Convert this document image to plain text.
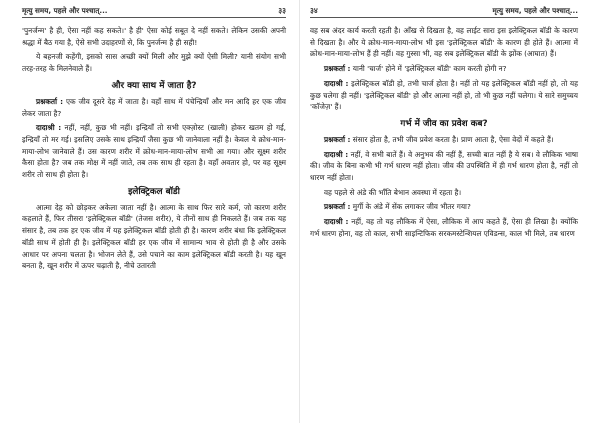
मृत्यु समय, पहले और पश्चात्...	३३

'पुनर्जन्म' है ही, ऐसा नहीं कह सकते।' है ही' ऐसा कोई सबूत दे नहीं सकते। लेकिन उसकी अपनी श्रद्धा में बैठ गया है, ऐसे सभी उदाहरणों से, कि पुनर्जन्म है ही सही!

ये बहनजी कहेंगी, इसको सास अच्छी क्यों मिली और मुझे क्यों ऐसी मिली? यानी संयोग सभी तरह-तरह के मिलनेवाले हैं।

और क्या साथ में जाता है?

प्रश्नकर्ता : एक जीव दूसरे देह में जाता है। वहाँ साथ में पंचेन्द्रियाँ और मन आदि हर एक जीव लेकर जाता है?

दादाश्री : नहीं, नहीं, कुछ भी नहीं। इन्द्रियाँ तो सभी एक्ज़ोस्ट (खाली) होकर खतम हो गई, इन्द्रियाँ तो मर गई। इसलिए उसके साथ इन्द्रियाँ जैसा कुछ भी जानेवाला नहीं है। केवल ये क्रोध-मान-माया-लोभ जानेवाले हैं। उस कारण शरीर में क्रोध-मान-माया-लोभ सभी आ गया। और सूक्ष्म शरीर कैसा होता है? जब तक मोक्ष में नहीं जाते, तब तक साथ ही रहता है। वहाँ अवतार हो, पर वह सूक्ष्म शरीर तो साथ ही होता है।

इलेक्ट्रिकल बॉडी

आत्मा देह को छोड़कर अकेला जाता नहीं है। आत्मा के साथ फिर सारे कर्म, जो कारण शरीर कहलाते हैं, फिर तीसरा 'इलेक्ट्रिकल बॉडी' (तेजस शरीर), ये तीनों साथ ही निकलते हैं। जब तक यह संसार है, तब तक हर एक जीव में यह इलेक्ट्रिकल बॉडी होती ही है। कारण शरीर बंधा कि इलेक्ट्रिकल बॉडी साथ में होती ही है। इलेक्ट्रिकल बॉडी हर एक जीव में सामान्य भाव से होती ही है और उसके आधार पर अपना चलता है। भोजन लेते हैं, उसे पचाने का काम इलेक्ट्रिकल बॉडी करती है। यह खून बनता है, खून शरीर में ऊपर चढ़ाती है, नीचे उतारती

३४	मृत्यु समय, पहले और पश्चात्...

वह सब अंदर कार्य करती रहती है। आँख से दिखता है, वह लाईट सारा इस इलेक्ट्रिकल बॉडी के कारण से दिखता है। और ये क्रोध-मान-माया-लोभ भी इस 'इलेक्ट्रिकल बॉडी' के कारण ही होते हैं। आत्मा में क्रोध-मान-माया-लोभ हैं ही नहीं। वह गुस्सा भी, वह सब इलेक्ट्रिकल बॉडी के झोंक (आघात) हैं।

प्रश्नकर्ता : यानी 'चार्ज' होने में 'इलेक्ट्रिकल बॉडी' काम करती होगी न?

दादाश्री : इलेक्ट्रिकल बॉडी हो, तभी चार्ज होता है। नहीं तो यह इलेक्ट्रिकल बॉडी नहीं हो, तो यह कुछ चलेगा ही नहीं। 'इलेक्ट्रिकल बॉडी' हो और आत्मा नहीं हो, तो भी कुछ नहीं चलेगा। ये सारे समुच्चय 'कॉजेज़' हैं।

गर्भ में जीव का प्रवेश कब?

प्रश्नकर्ता : संसार होता है, तभी जीव प्रवेश करता है। प्राण आता है, ऐसा वेदों में कहते हैं।

दादाश्री : नहीं, वे सभी बातें हैं। वे अनुभव की नहीं हैं, सच्ची बात नहीं है ये सब। वे लौकिक भाषा की। जीव के बिना कभी भी गर्भ धारण नहीं होता। जीव की उपस्थिति में ही गर्भ धारण होता है, नहीं तो धारण नहीं होता।

वह पहले से अंडे की भाँति बेभान अवस्था में रहता है।

प्रश्नकर्ता : मुर्गी के अंडे में सेंक लगाकर जीव भीतर गया?

दादाश्री : नहीं, वह तो यह लौकिक में ऐसा, लौकिक में आप कहते हैं, ऐसा ही लिखा है। क्योंकि गर्भ धारण होना, वह तो काल, सभी साइन्टिफिक सरकमस्टेन्शियल एविडन्स, काल भी मिले, तब धारण
